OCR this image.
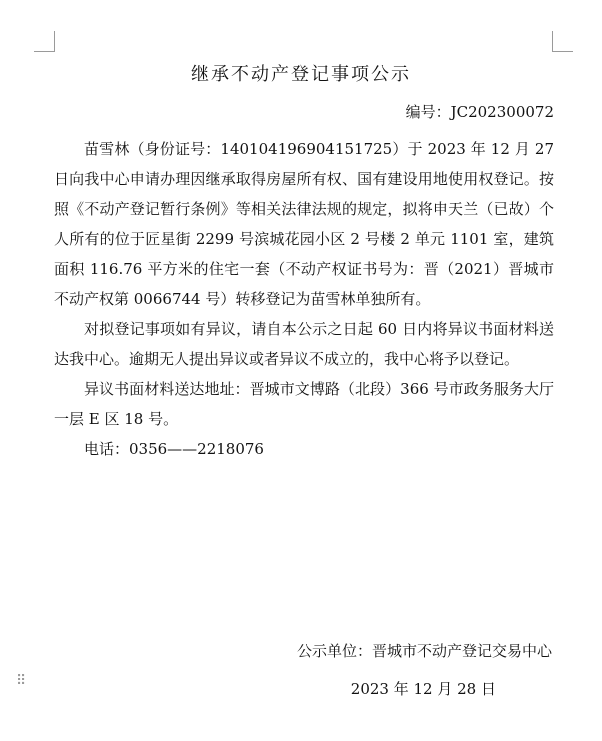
继承不动产登记事项公示
编号：JC202300072

苗雪林（身份证号：140104196904151725）于 2023 年 12 月 27 日向我中心申请办理因继承取得房屋所有权、国有建设用地使用权登记。按照《不动产登记暂行条例》等相关法律法规的规定，拟将申天兰（已故）个人所有的位于匠星街 2299 号滨城花园小区 2 号楼 2 单元 1101 室，建筑面积 116.76 平方米的住宅一套（不动产权证书号为：晋（2021）晋城市不动产权第 0066744 号）转移登记为苗雪林单独所有。

对拟登记事项如有异议，请自本公示之日起 60 日内将异议书面材料送达我中心。逾期无人提出异议或者异议不成立的，我中心将予以登记。

异议书面材料送达地址：晋城市文博路（北段）366 号市政务服务大厅一层 E 区 18 号。

电话：0356——2218076

公示单位：晋城市不动产登记交易中心
2023 年 12 月 28 日
⠿
